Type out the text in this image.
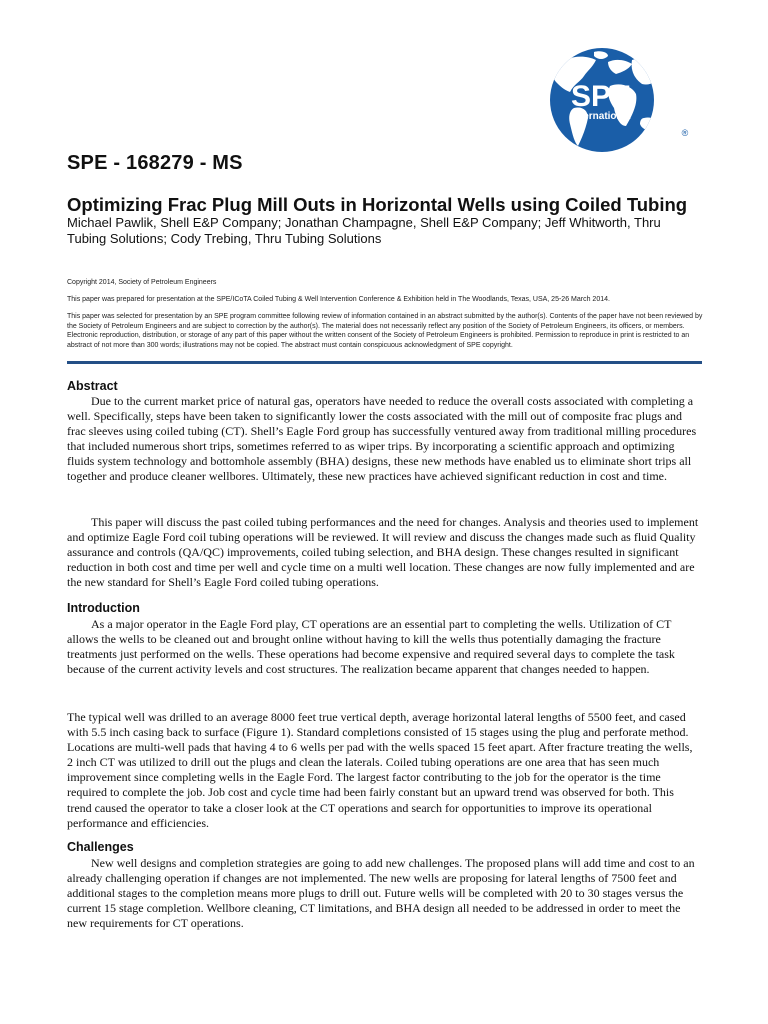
SPE
International
®
SPE - 168279 - MS
Optimizing Frac Plug Mill Outs in Horizontal Wells using Coiled Tubing
Michael Pawlik, Shell E&P Company; Jonathan Champagne, Shell E&P Company; Jeff Whitworth, Thru Tubing Solutions; Cody Trebing, Thru Tubing Solutions

Copyright 2014, Society of Petroleum Engineers

This paper was prepared for presentation at the SPE/ICoTA Coiled Tubing & Well Intervention Conference & Exhibition held in The Woodlands, Texas, USA, 25-26 March 2014.

This paper was selected for presentation by an SPE program committee following review of information contained in an abstract submitted by the author(s). Contents of the paper have not been reviewed by the Society of Petroleum Engineers and are subject to correction by the author(s). The material does not necessarily reflect any position of the Society of Petroleum Engineers, its officers, or members. Electronic reproduction, distribution, or storage of any part of this paper without the written consent of the Society of Petroleum Engineers is prohibited. Permission to reproduce in print is restricted to an abstract of not more than 300 words; illustrations may not be copied. The abstract must contain conspicuous acknowledgment of SPE copyright.

Abstract

Due to the current market price of natural gas, operators have needed to reduce the overall costs associated with completing a well. Specifically, steps have been taken to significantly lower the costs associated with the mill out of composite frac plugs and frac sleeves using coiled tubing (CT). Shell’s Eagle Ford group has successfully ventured away from traditional milling procedures that included numerous short trips, sometimes referred to as wiper trips. By incorporating a scientific approach and optimizing fluids system technology and bottomhole assembly (BHA) designs, these new methods have enabled us to eliminate short trips all together and produce cleaner wellbores. Ultimately, these new practices have achieved significant reduction in cost and time.

This paper will discuss the past coiled tubing performances and the need for changes. Analysis and theories used to implement and optimize Eagle Ford coil tubing operations will be reviewed. It will review and discuss the changes made such as fluid Quality assurance and controls (QA/QC) improvements, coiled tubing selection, and BHA design. These changes resulted in significant reduction in both cost and time per well and cycle time on a multi well location. These changes are now fully implemented and are the new standard for Shell’s Eagle Ford coiled tubing operations.

Introduction

As a major operator in the Eagle Ford play, CT operations are an essential part to completing the wells. Utilization of CT allows the wells to be cleaned out and brought online without having to kill the wells thus potentially damaging the fracture treatments just performed on the wells. These operations had become expensive and required several days to complete the task because of the current activity levels and cost structures. The realization became apparent that changes needed to happen.

The typical well was drilled to an average 8000 feet true vertical depth, average horizontal lateral lengths of 5500 feet, and cased with 5.5 inch casing back to surface (Figure 1). Standard completions consisted of 15 stages using the plug and perforate method. Locations are multi-well pads that having 4 to 6 wells per pad with the wells spaced 15 feet apart. After fracture treating the wells, 2 inch CT was utilized to drill out the plugs and clean the laterals. Coiled tubing operations are one area that has seen much improvement since completing wells in the Eagle Ford. The largest factor contributing to the job for the operator is the time required to complete the job. Job cost and cycle time had been fairly constant but an upward trend was observed for both. This trend caused the operator to take a closer look at the CT operations and search for opportunities to improve its operational performance and efficiencies.

Challenges

New well designs and completion strategies are going to add new challenges. The proposed plans will add time and cost to an already challenging operation if changes are not implemented. The new wells are proposing for lateral lengths of 7500 feet and additional stages to the completion means more plugs to drill out. Future wells will be completed with 20 to 30 stages versus the current 15 stage completion. Wellbore cleaning, CT limitations, and BHA design all needed to be addressed in order to meet the new requirements for CT operations.
